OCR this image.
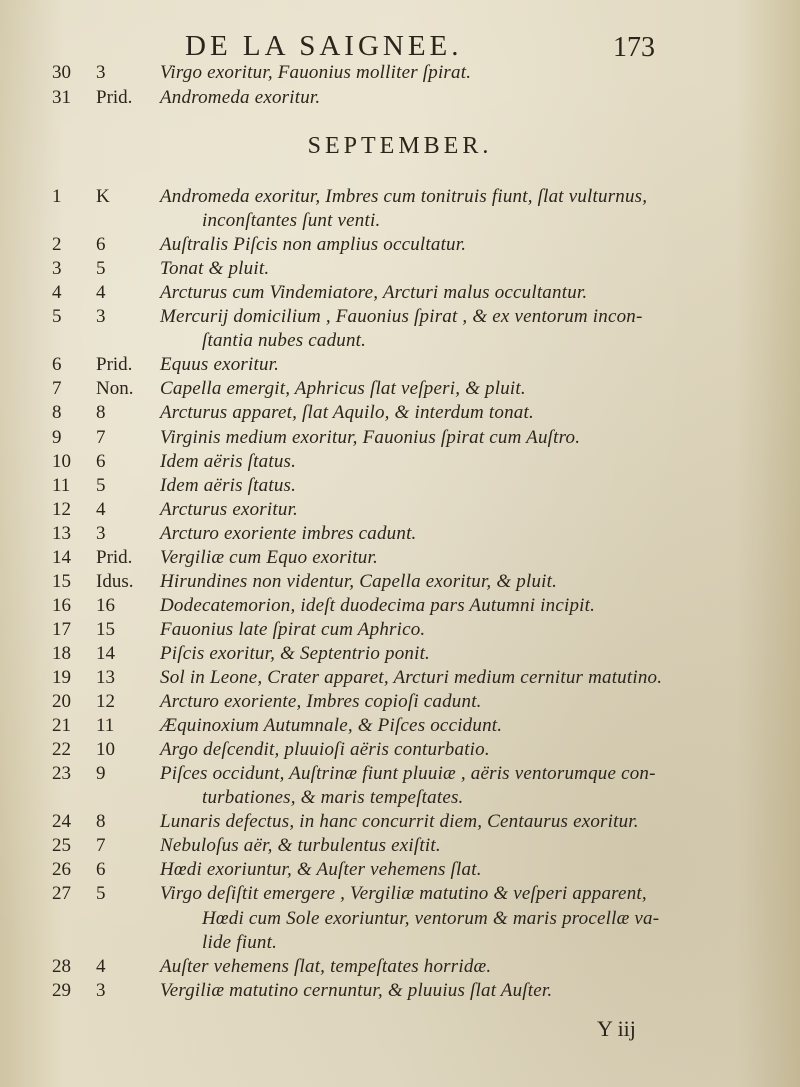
DE LA SAIGNEE.	173
30	3	Virgo exoritur, Fauonius molliter ſpirat.
31	Prid.	Andromeda exoritur.
SEPTEMBER.
1	K	Andromeda exoritur, Imbres cum tonitruis fiunt, ſlat vulturnus,
inconſtantes ſunt venti.
2	6	Auſtralis Piſcis non amplius occultatur.
3	5	Tonat & pluit.
4	4	Arcturus cum Vindemiatore, Arcturi malus occultantur.
5	3	Mercurij domicilium , Fauonius ſpirat , & ex ventorum incon-
ſtantia nubes cadunt.
6	Prid.	Equus exoritur.
7	Non.	Capella emergit, Aphricus ſlat veſperi, & pluit.
8	8	Arcturus apparet, ſlat Aquilo, & interdum tonat.
9	7	Virginis medium exoritur, Fauonius ſpirat cum Auſtro.
10	6	Idem aëris ſtatus.
11	5	Idem aëris ſtatus.
12	4	Arcturus exoritur.
13	3	Arcturo exoriente imbres cadunt.
14	Prid.	Vergiliæ cum Equo exoritur.
15	Idus.	Hirundines non videntur, Capella exoritur, & pluit.
16	16	Dodecatemorion, ideſt duodecima pars Autumni incipit.
17	15	Fauonius late ſpirat cum Aphrico.
18	14	Piſcis exoritur, & Septentrio ponit.
19	13	Sol in Leone, Crater apparet, Arcturi medium cernitur matutino.
20	12	Arcturo exoriente, Imbres copioſi cadunt.
21	11	Æquinoxium Autumnale, & Piſces occidunt.
22	10	Argo deſcendit, pluuioſi aëris conturbatio.
23	9	Piſces occidunt, Auſtrinæ fiunt pluuiæ , aëris ventorumque con-
turbationes, & maris tempeſtates.
24	8	Lunaris defectus, in hanc concurrit diem, Centaurus exoritur.
25	7	Nebuloſus aër, & turbulentus exiſtit.
26	6	Hœdi exoriuntur, & Auſter vehemens ſlat.
27	5	Virgo deſiſtit emergere , Vergiliæ matutino & veſperi apparent,
Hœdi cum Sole exoriuntur, ventorum & maris procellæ va-
lide fiunt.
28	4	Auſter vehemens ſlat, tempeſtates horridæ.
29	3	Vergiliæ matutino cernuntur, & pluuius ſlat Auſter.
Y iij
